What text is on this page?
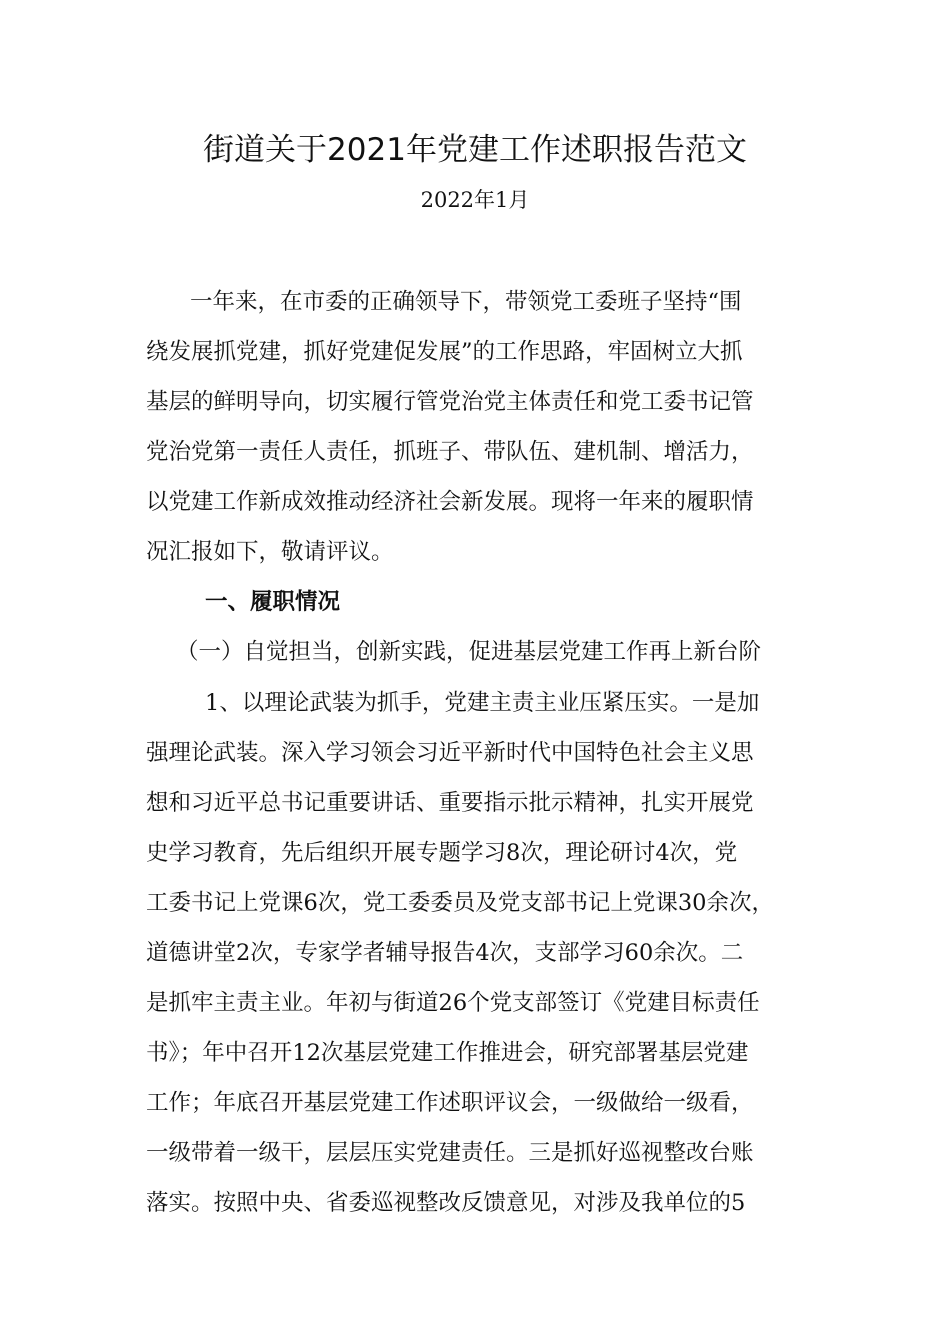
街道关于2021年党建工作述职报告范文
2022年1月
一年来，在市委的正确领导下，带领党工委班子坚持“围
绕发展抓党建，抓好党建促发展”的工作思路，牢固树立大抓
基层的鲜明导向，切实履行管党治党主体责任和党工委书记管
党治党第一责任人责任，抓班子、带队伍、建机制、增活力，
以党建工作新成效推动经济社会新发展。现将一年来的履职情
况汇报如下，敬请评议。
一、履职情况
（一）自觉担当，创新实践，促进基层党建工作再上新台阶
1、以理论武装为抓手，党建主责主业压紧压实。一是加
强理论武装。深入学习领会习近平新时代中国特色社会主义思
想和习近平总书记重要讲话、重要指示批示精神，扎实开展党
史学习教育，先后组织开展专题学习8次，理论研讨4次，党
工委书记上党课6次，党工委委员及党支部书记上党课30余次，
道德讲堂2次，专家学者辅导报告4次，支部学习60余次。二
是抓牢主责主业。年初与街道26个党支部签订《党建目标责任
书》；年中召开12次基层党建工作推进会，研究部署基层党建
工作；年底召开基层党建工作述职评议会，一级做给一级看，
一级带着一级干，层层压实党建责任。三是抓好巡视整改台账
落实。按照中央、省委巡视整改反馈意见，对涉及我单位的5
